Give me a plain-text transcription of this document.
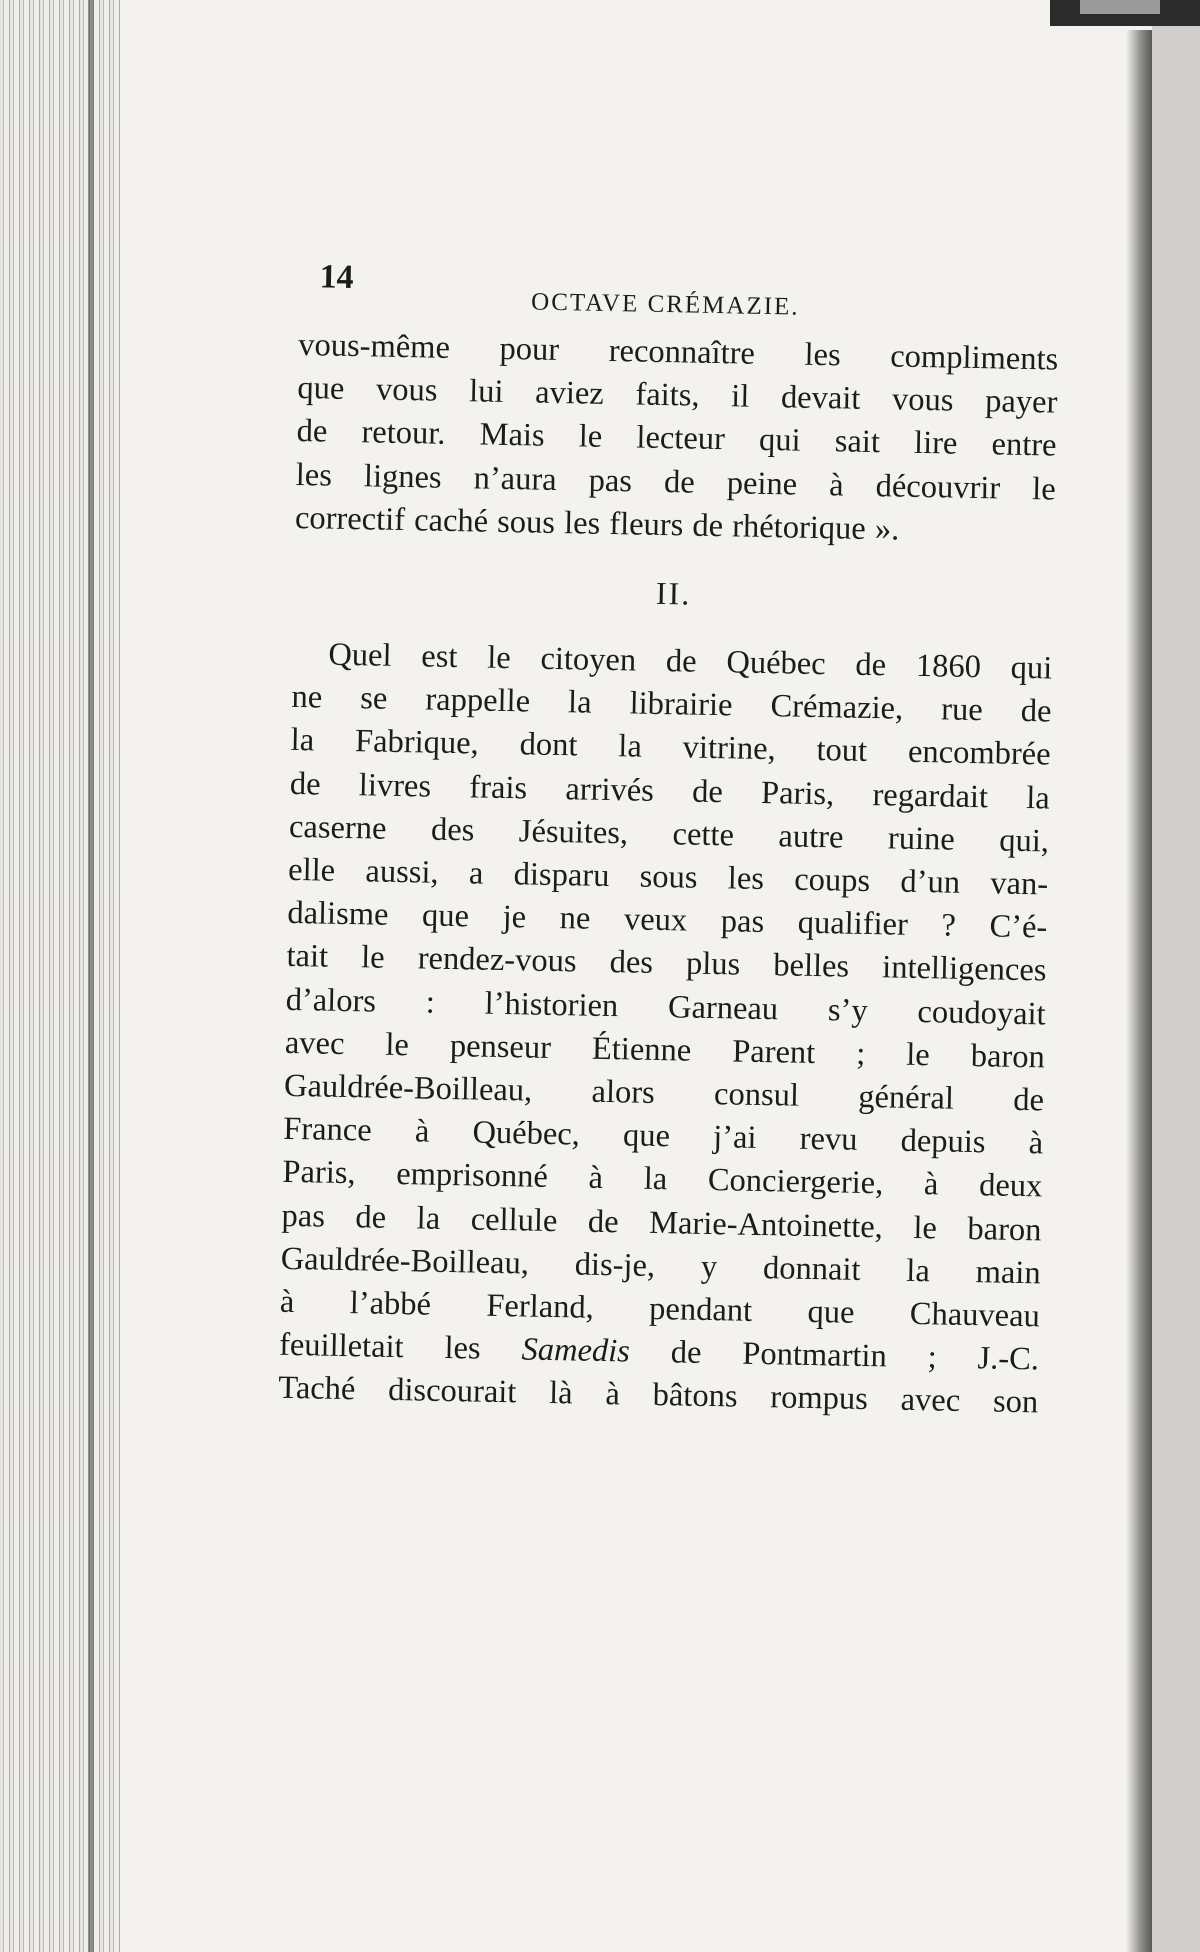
14
OCTAVE CRÉMAZIE.
vous-même pour reconnaître les compliments
que vous lui aviez faits, il devait vous payer
de retour. Mais le lecteur qui sait lire entre
les lignes n’aura pas de peine à découvrir le
correctif caché sous les fleurs de rhétorique ».
II.
Quel est le citoyen de Québec de 1860 qui
ne se rappelle la librairie Crémazie, rue de
la Fabrique, dont la vitrine, tout encombrée
de livres frais arrivés de Paris, regardait la
caserne des Jésuites, cette autre ruine qui,
elle aussi, a disparu sous les coups d’un van-
dalisme que je ne veux pas qualifier ? C’é-
tait le rendez-vous des plus belles intelligences
d’alors : l’historien Garneau s’y coudoyait
avec le penseur Étienne Parent ; le baron
Gauldrée-Boilleau, alors consul général de
France à Québec, que j’ai revu depuis à
Paris, emprisonné à la Conciergerie, à deux
pas de la cellule de Marie-Antoinette, le baron
Gauldrée-Boilleau, dis-je, y donnait la main
à l’abbé Ferland, pendant que Chauveau
feuilletait les Samedis de Pontmartin ; J.-C.
Taché discourait là à bâtons rompus avec son
